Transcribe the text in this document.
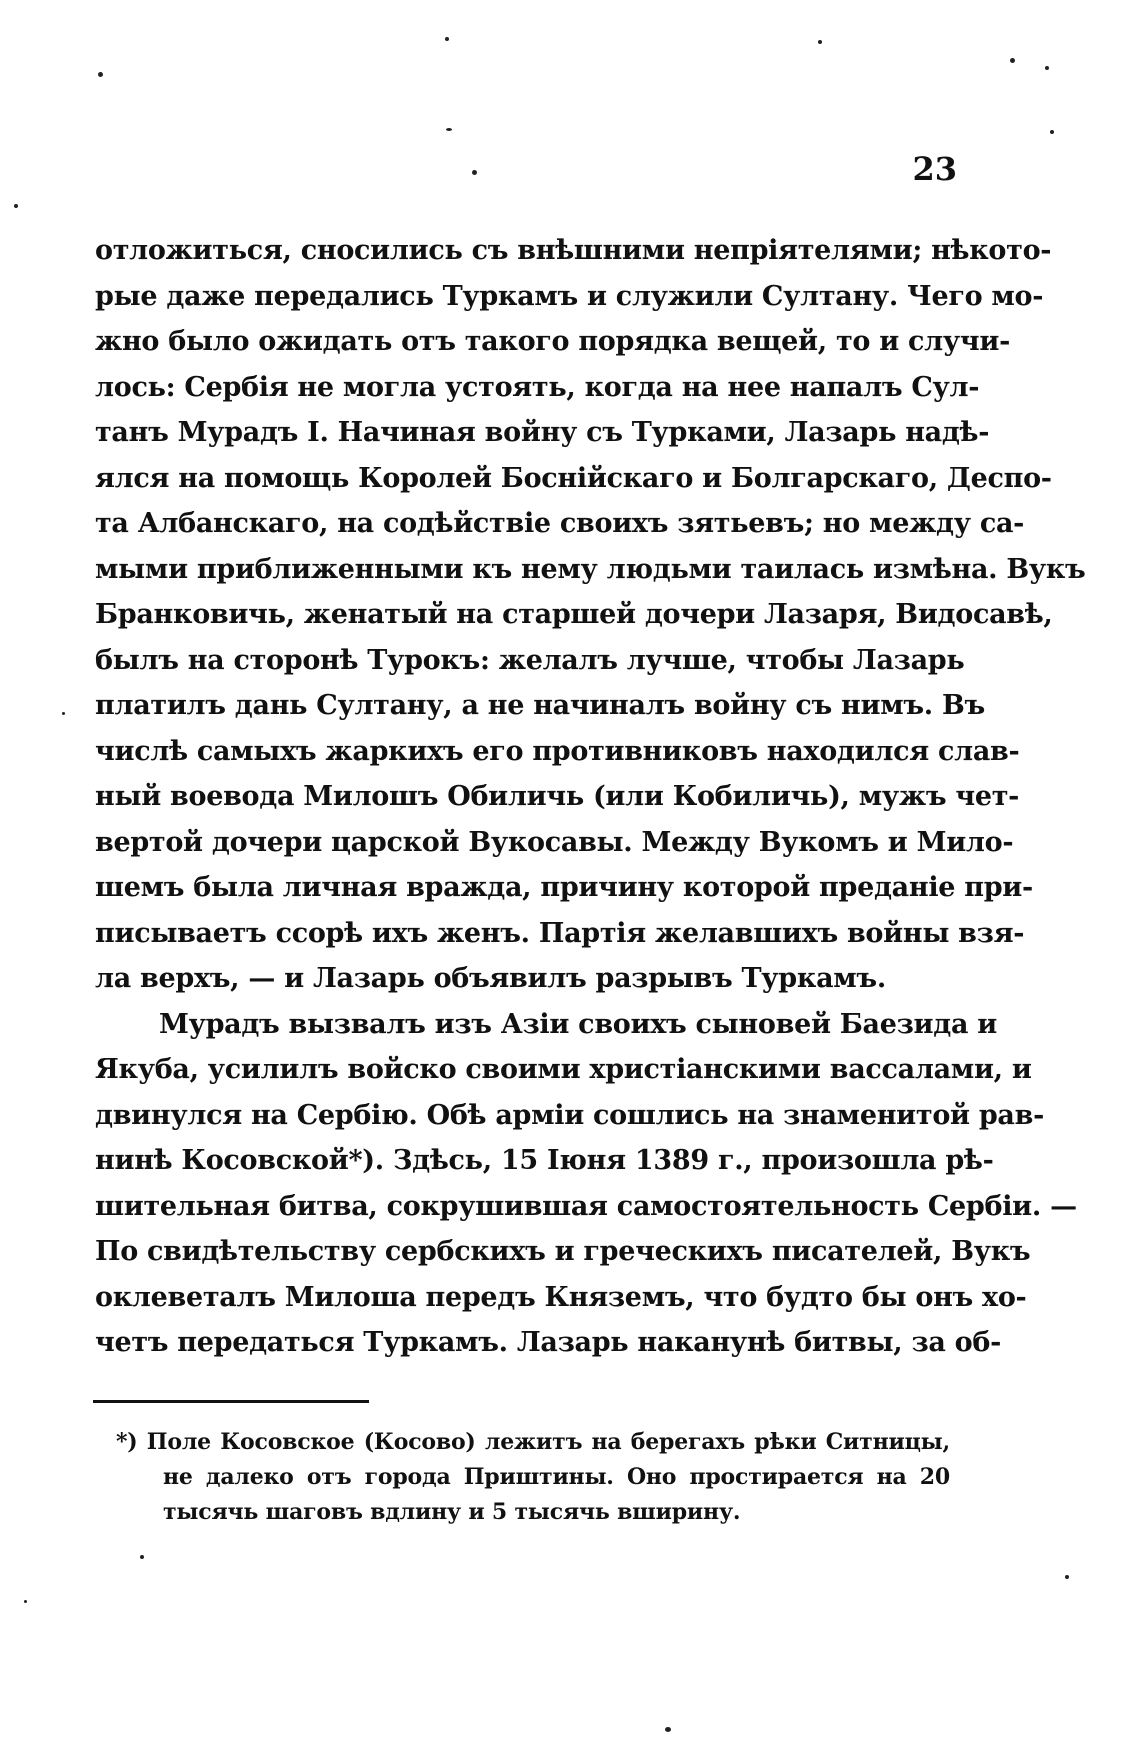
23
отложиться, сносились съ внѣшними непріятелями; нѣкото-
рые даже передались Туркамъ и служили Султану. Чего мо-
жно было ожидать отъ такого порядка вещей, то и случи-
лось: Сербія не могла устоять, когда на нее напалъ Сул-
танъ Мурадъ I. Начиная войну съ Турками, Лазарь надѣ-
ялся на помощь Королей Боснійскаго и Болгарскаго, Деспо-
та Албанскаго, на содѣйствіе своихъ зятьевъ; но между са-
мыми приближенными къ нему людьми таилась измѣна. Вукъ
Бранковичь, женатый на старшей дочери Лазаря, Видосавѣ,
былъ на сторонѣ Турокъ: желалъ лучше, чтобы Лазарь
платилъ дань Султану, а не начиналъ войну съ нимъ. Въ
числѣ самыхъ жаркихъ его противниковъ находился слав-
ный воевода Милошъ Обиличь (или Кобиличь), мужъ чет-
вертой дочери царской Вукосавы. Между Вукомъ и Мило-
шемъ была личная вражда, причину которой преданіе при-
писываетъ ссорѣ ихъ женъ. Партія желавшихъ войны взя-
ла верхъ, — и Лазарь объявилъ разрывъ Туркамъ.
Мурадъ вызвалъ изъ Азіи своихъ сыновей Баезида и
Якуба, усилилъ войско своими христіанскими вассалами, и
двинулся на Сербію. Обѣ арміи сошлись на знаменитой рав-
нинѣ Косовской*). Здѣсь, 15 Іюня 1389 г., произошла рѣ-
шительная битва, сокрушившая самостоятельность Сербіи. —
По свидѣтельству сербскихъ и греческихъ писателей, Вукъ
оклеветалъ Милоша передъ Княземъ, что будто бы онъ хо-
четъ передаться Туркамъ. Лазарь наканунѣ битвы, за об-
*) Поле Косовское (Косово) лежитъ на берегахъ рѣки Ситницы,
не далеко отъ города Приштины. Оно простирается на 20
тысячь шаговъ вдлину и 5 тысячь вширину.
